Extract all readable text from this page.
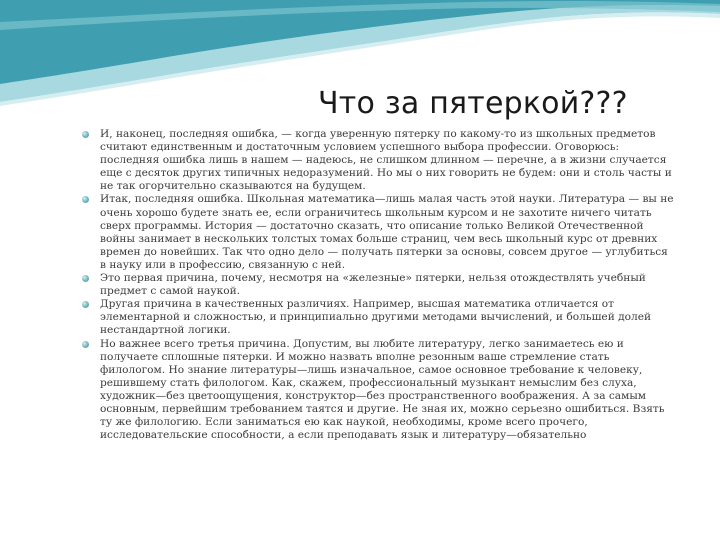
Что за пятеркой???
И, наконец, последняя ошибка, — когда уверенную пятерку по какому-то из школьных предметов считают единственным и достаточным условием успешного выбора профессии. Оговорюсь: последняя ошибка лишь в нашем — надеюсь, не слишком длинном — перечне, а в жизни случается еще с десяток других типичных недоразумений. Но мы о них говорить не будем: они и столь часты и не так огорчительно сказываются на будущем.
Итак, последняя ошибка. Школьная математика—лишь малая часть этой науки. Литература — вы не очень хорошо будете знать ее, если ограничитесь школьным курсом и не захотите ничего читать сверх программы. История — достаточно сказать, что описание только Великой Отечественной войны занимает в нескольких толстых томах больше страниц, чем весь школьный курс от древних времен до новейших. Так что одно дело — получать пятерки за основы, совсем другое — углубиться в науку или в профессию, связанную с ней.
Это первая причина, почему, несмотря на «железные» пятерки, нельзя отождествлять учебный предмет с самой наукой.
Другая причина в качественных различиях. Например, высшая математика отличается от элементарной и сложностью, и принципиально другими методами вычислений, и большей долей нестандартной логики.
Но важнее всего третья причина. Допустим, вы любите литературу, легко занимаетесь ею и получаете сплошные пятерки. И можно назвать вполне резонным ваше стремление стать филологом. Но знание литературы—лишь изначальное, самое основное требование к человеку, решившему стать филологом. Как, скажем, профессиональный музыкант немыслим без слуха, художник—без цветоощущения, конструктор—без пространственного воображения. А за самым основным, первейшим требованием таятся и другие. Не зная их, можно серьезно ошибиться. Взять ту же филологию. Если заниматься ею как наукой, необходимы, кроме всего прочего, исследовательские способности, а если преподавать язык и литературу—обязательно
